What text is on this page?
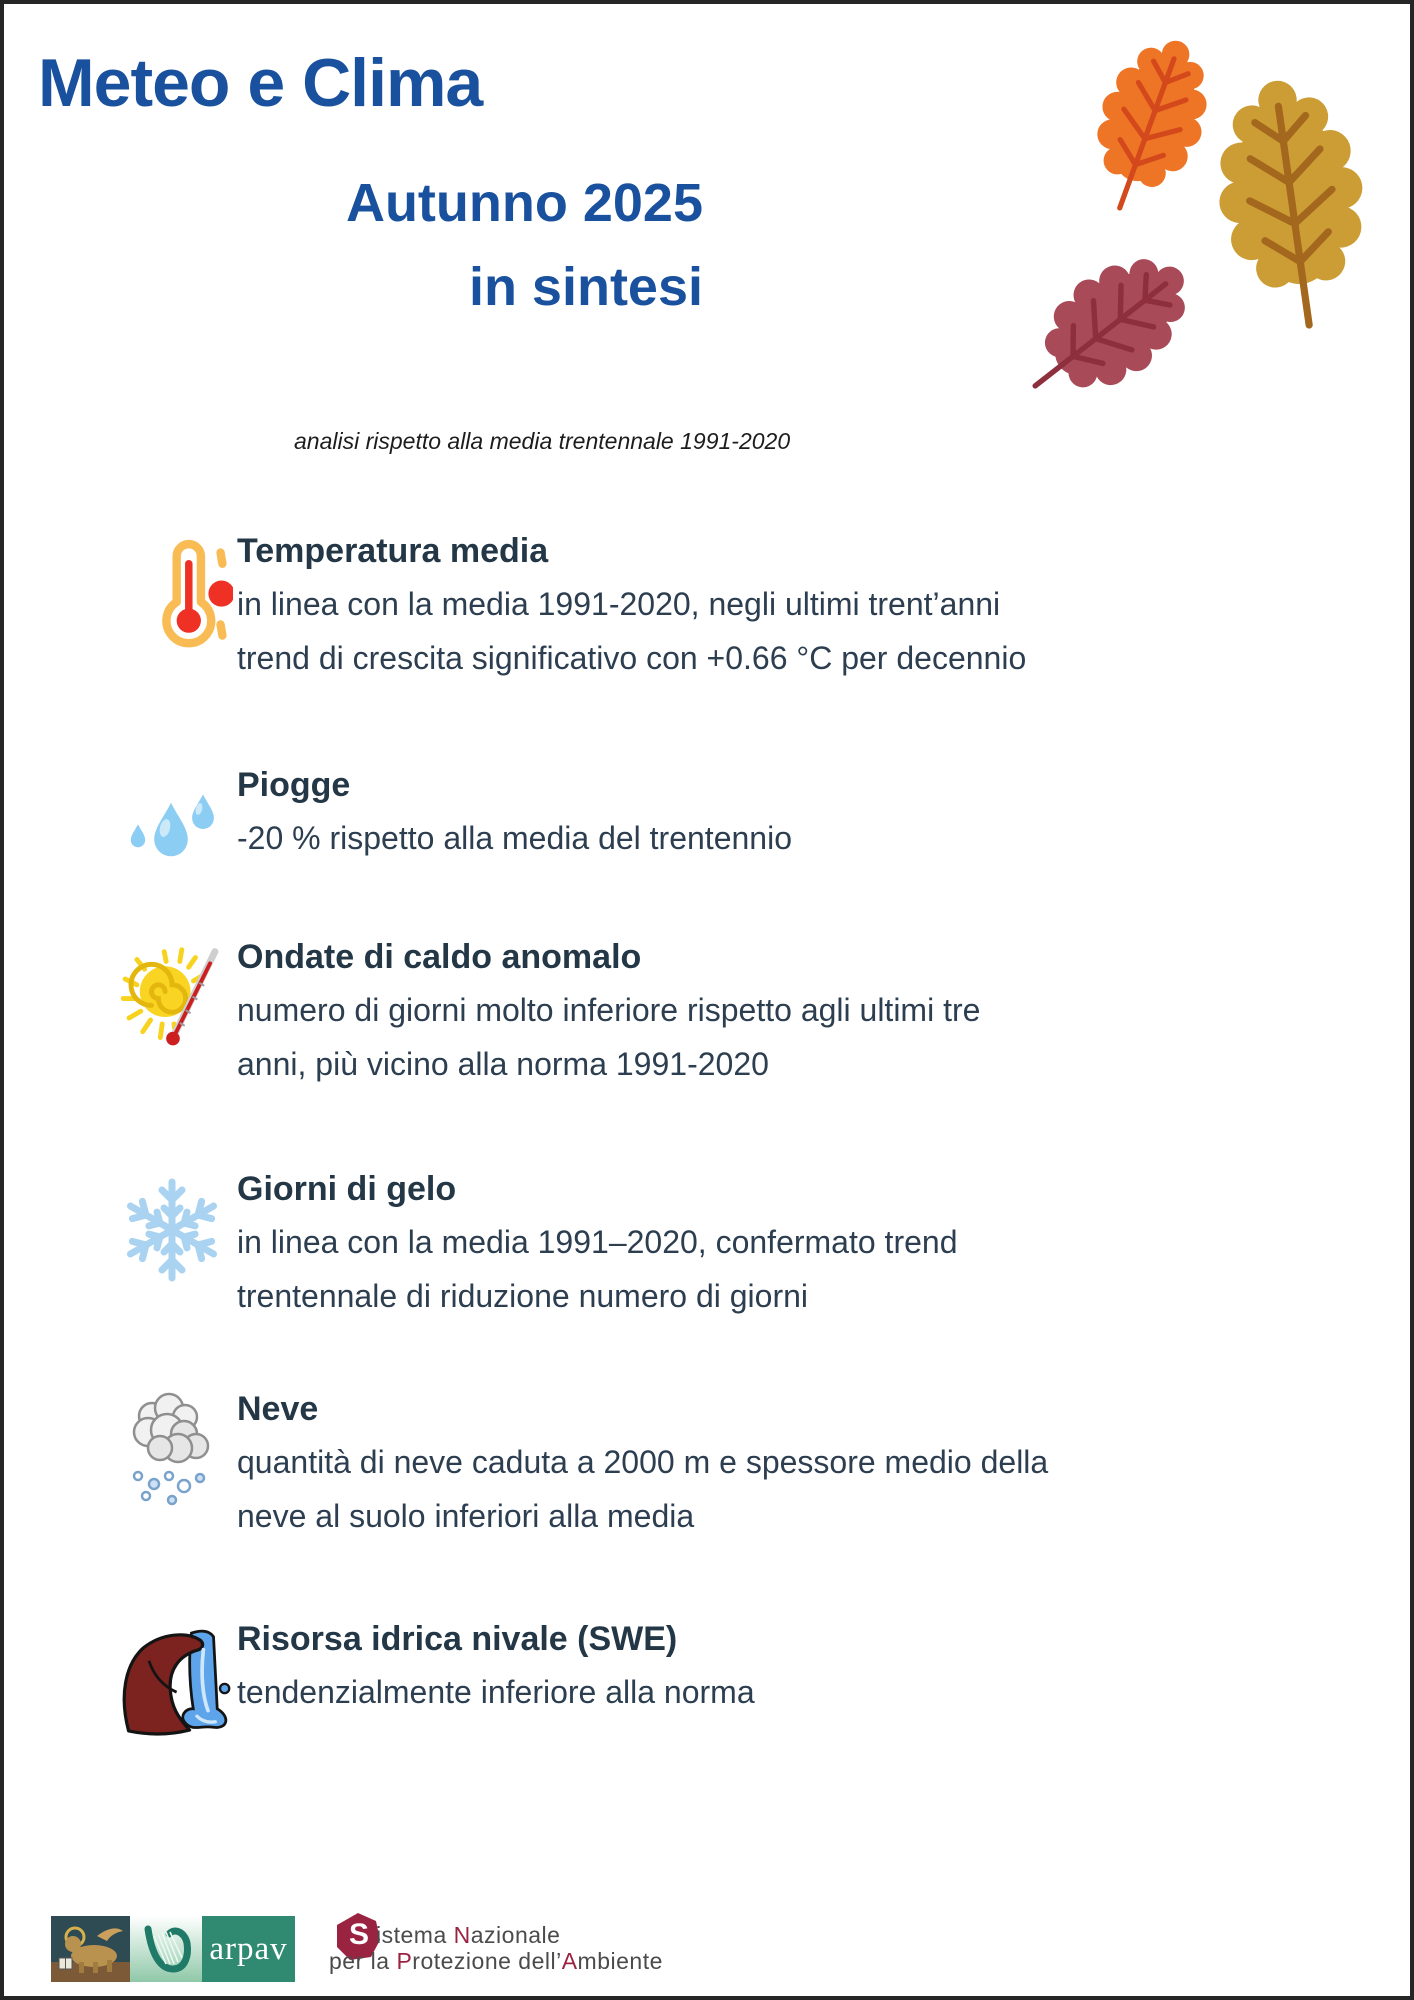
Meteo e Clima
Autunno 2025
in sintesi
analisi rispetto alla media trentennale 1991-2020
Temperatura media
in linea con la media 1991-2020, negli ultimi trent’anni
trend di crescita significativo con +0.66 °C per decennio
Piogge
-20 % rispetto alla media del trentennio
Ondate di caldo anomalo
numero di giorni molto inferiore rispetto agli ultimi tre
anni, più vicino alla norma 1991-2020
Giorni di gelo
in linea con la media 1991–2020, confermato trend
trentennale di riduzione numero di giorni
Neve
quantità di neve caduta a 2000 m e spessore medio della
neve al suolo inferiori alla media
Risorsa idrica nivale (SWE)
tendenzialmente inferiore alla norma
arpav S istema Nazionale
per la Protezione dell’Ambiente
